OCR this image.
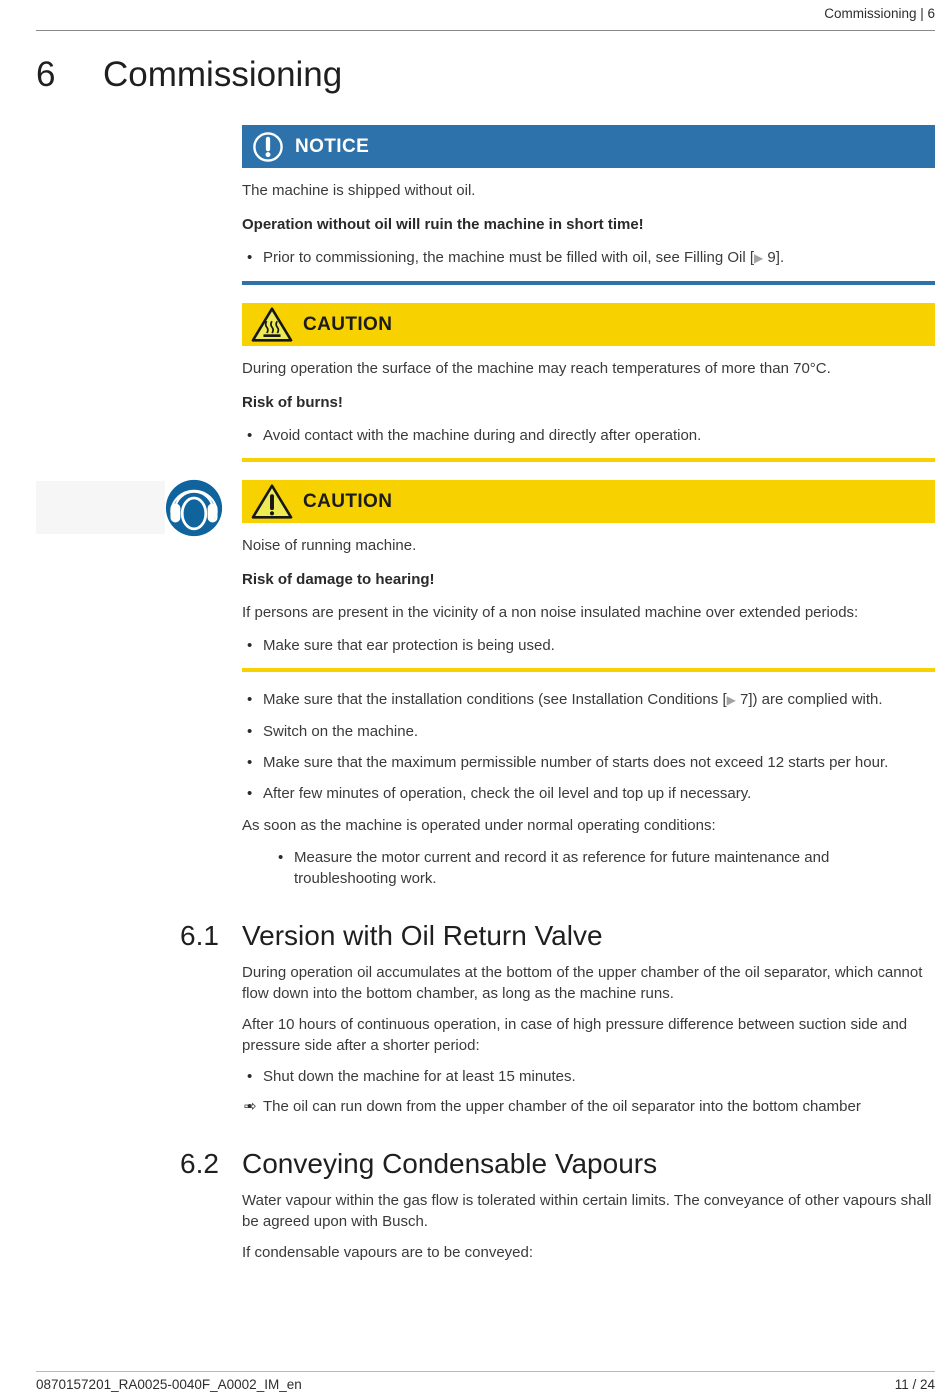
Commissioning | 6
6	Commissioning
NOTICE

The machine is shipped without oil.

Operation without oil will ruin the machine in short time!

• Prior to commissioning, the machine must be filled with oil, see Filling Oil [▶ 9].
CAUTION

During operation the surface of the machine may reach temperatures of more than 70°C.

Risk of burns!

• Avoid contact with the machine during and directly after operation.
CAUTION

Noise of running machine.

Risk of damage to hearing!

If persons are present in the vicinity of a non noise insulated machine over extended periods:

• Make sure that ear protection is being used.
• Make sure that the installation conditions (see Installation Conditions [▶ 7]) are complied with.
• Switch on the machine.
• Make sure that the maximum permissible number of starts does not exceed 12 starts per hour.
• After few minutes of operation, check the oil level and top up if necessary.

As soon as the machine is operated under normal operating conditions:

• Measure the motor current and record it as reference for future maintenance and troubleshooting work.
6.1 Version with Oil Return Valve

During operation oil accumulates at the bottom of the upper chamber of the oil separator, which cannot flow down into the bottom chamber, as long as the machine runs.

After 10 hours of continuous operation, in case of high pressure difference between suction side and pressure side after a shorter period:

• Shut down the machine for at least 15 minutes.
• ⇨ The oil can run down from the upper chamber of the oil separator into the bottom chamber
6.2 Conveying Condensable Vapours

Water vapour within the gas flow is tolerated within certain limits. The conveyance of other vapours shall be agreed upon with Busch.

If condensable vapours are to be conveyed:

0870157201_RA0025-0040F_A0002_IM_en	11 / 24
